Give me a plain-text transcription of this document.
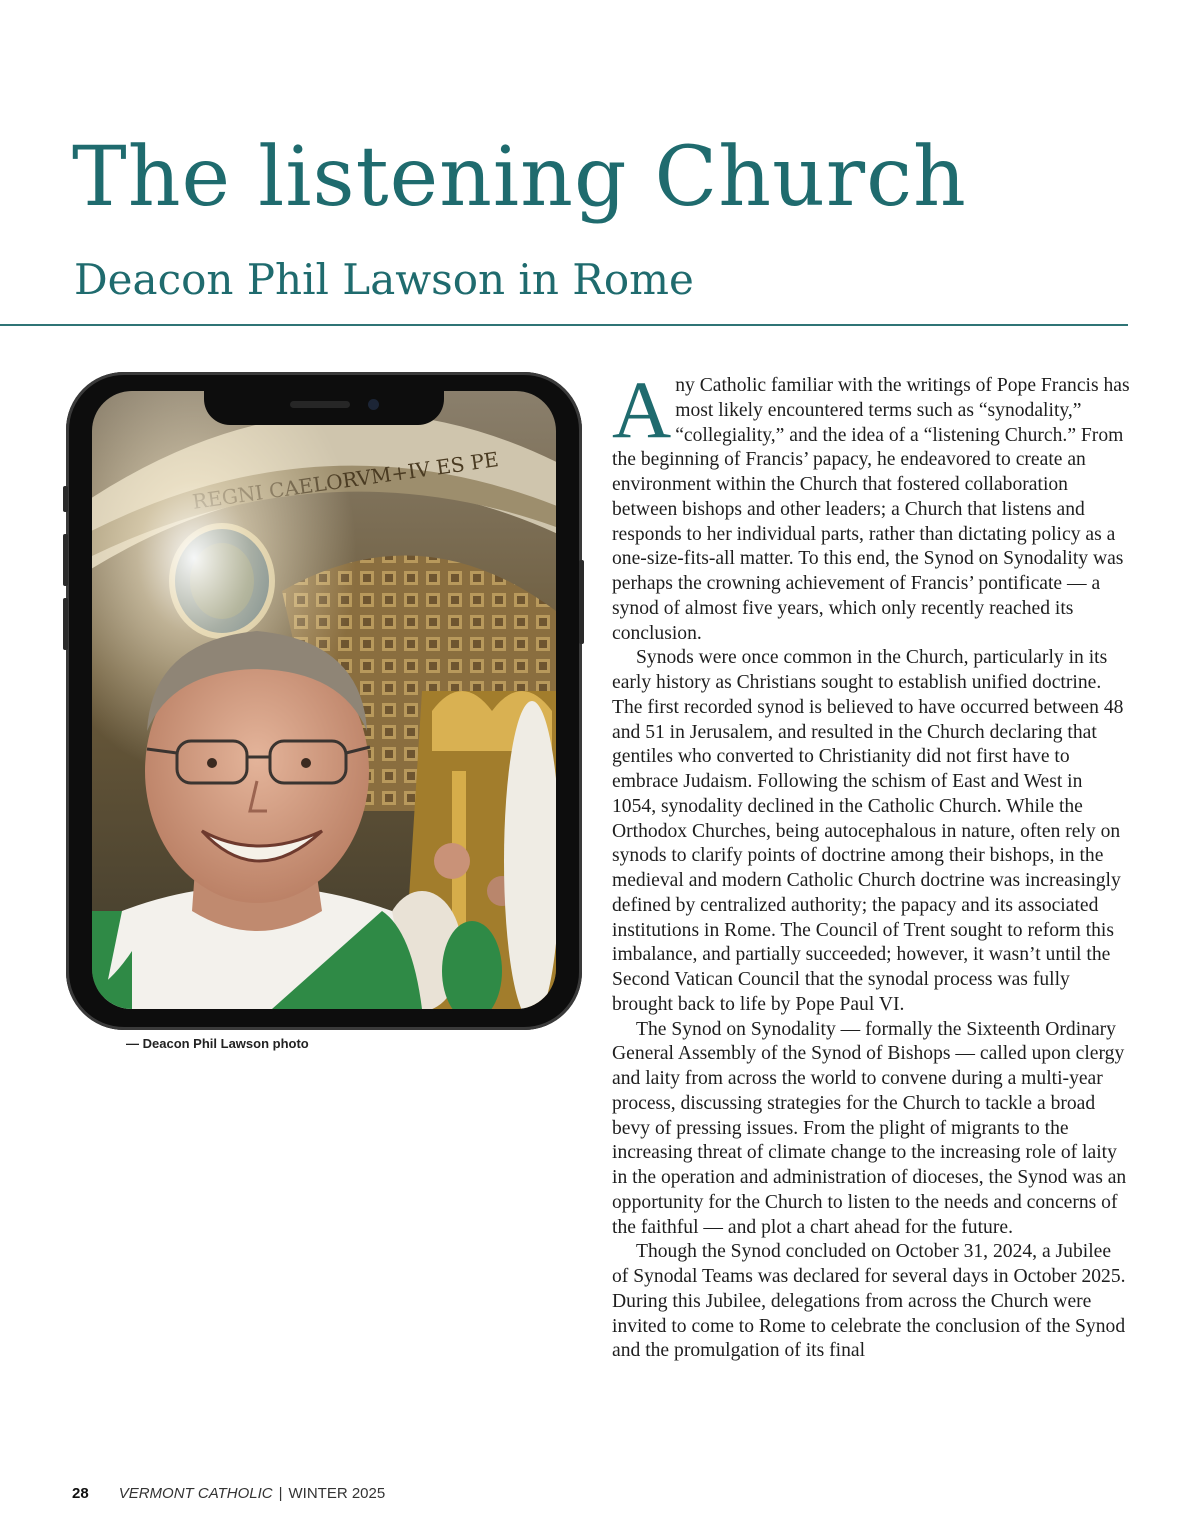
The listening Church
Deacon Phil Lawson in Rome

— Deacon Phil Lawson photo

Any Catholic familiar with the writings of Pope Francis has most likely encountered terms such as “synodality,” “collegiality,” and the idea of a “listening Church.” From the beginning of Francis’ papacy, he endeavored to create an environment within the Church that fostered collaboration between bishops and other leaders; a Church that listens and responds to her individual parts, rather than dictating policy as a one-size-fits-all matter. To this end, the Synod on Synodality was perhaps the crowning achievement of Francis’ pontificate — a synod of almost five years, which only recently reached its conclusion.

Synods were once common in the Church, particularly in its early history as Christians sought to establish unified doctrine. The first recorded synod is believed to have occurred between 48 and 51 in Jerusalem, and resulted in the Church declaring that gentiles who converted to Christianity did not first have to embrace Judaism. Following the schism of East and West in 1054, synodality declined in the Catholic Church. While the Orthodox Churches, being autocephalous in nature, often rely on synods to clarify points of doctrine among their bishops, in the medieval and modern Catholic Church doctrine was increasingly defined by centralized authority; the papacy and its associated institutions in Rome. The Council of Trent sought to reform this imbalance, and partially succeeded; however, it wasn’t until the Second Vatican Council that the synodal process was fully brought back to life by Pope Paul VI.

The Synod on Synodality — formally the Sixteenth Ordinary General Assembly of the Synod of Bishops — called upon clergy and laity from across the world to convene during a multi-year process, discussing strategies for the Church to tackle a broad bevy of pressing issues. From the plight of migrants to the increasing threat of climate change to the increasing role of laity in the operation and administration of dioceses, the Synod was an opportunity for the Church to listen to the needs and concerns of the faithful — and plot a chart ahead for the future.

Though the Synod concluded on October 31, 2024, a Jubilee of Synodal Teams was declared for several days in October 2025. During this Jubilee, delegations from across the Church were invited to come to Rome to celebrate the conclusion of the Synod and the promulgation of its final

28 VERMONT CATHOLIC | WINTER 2025
